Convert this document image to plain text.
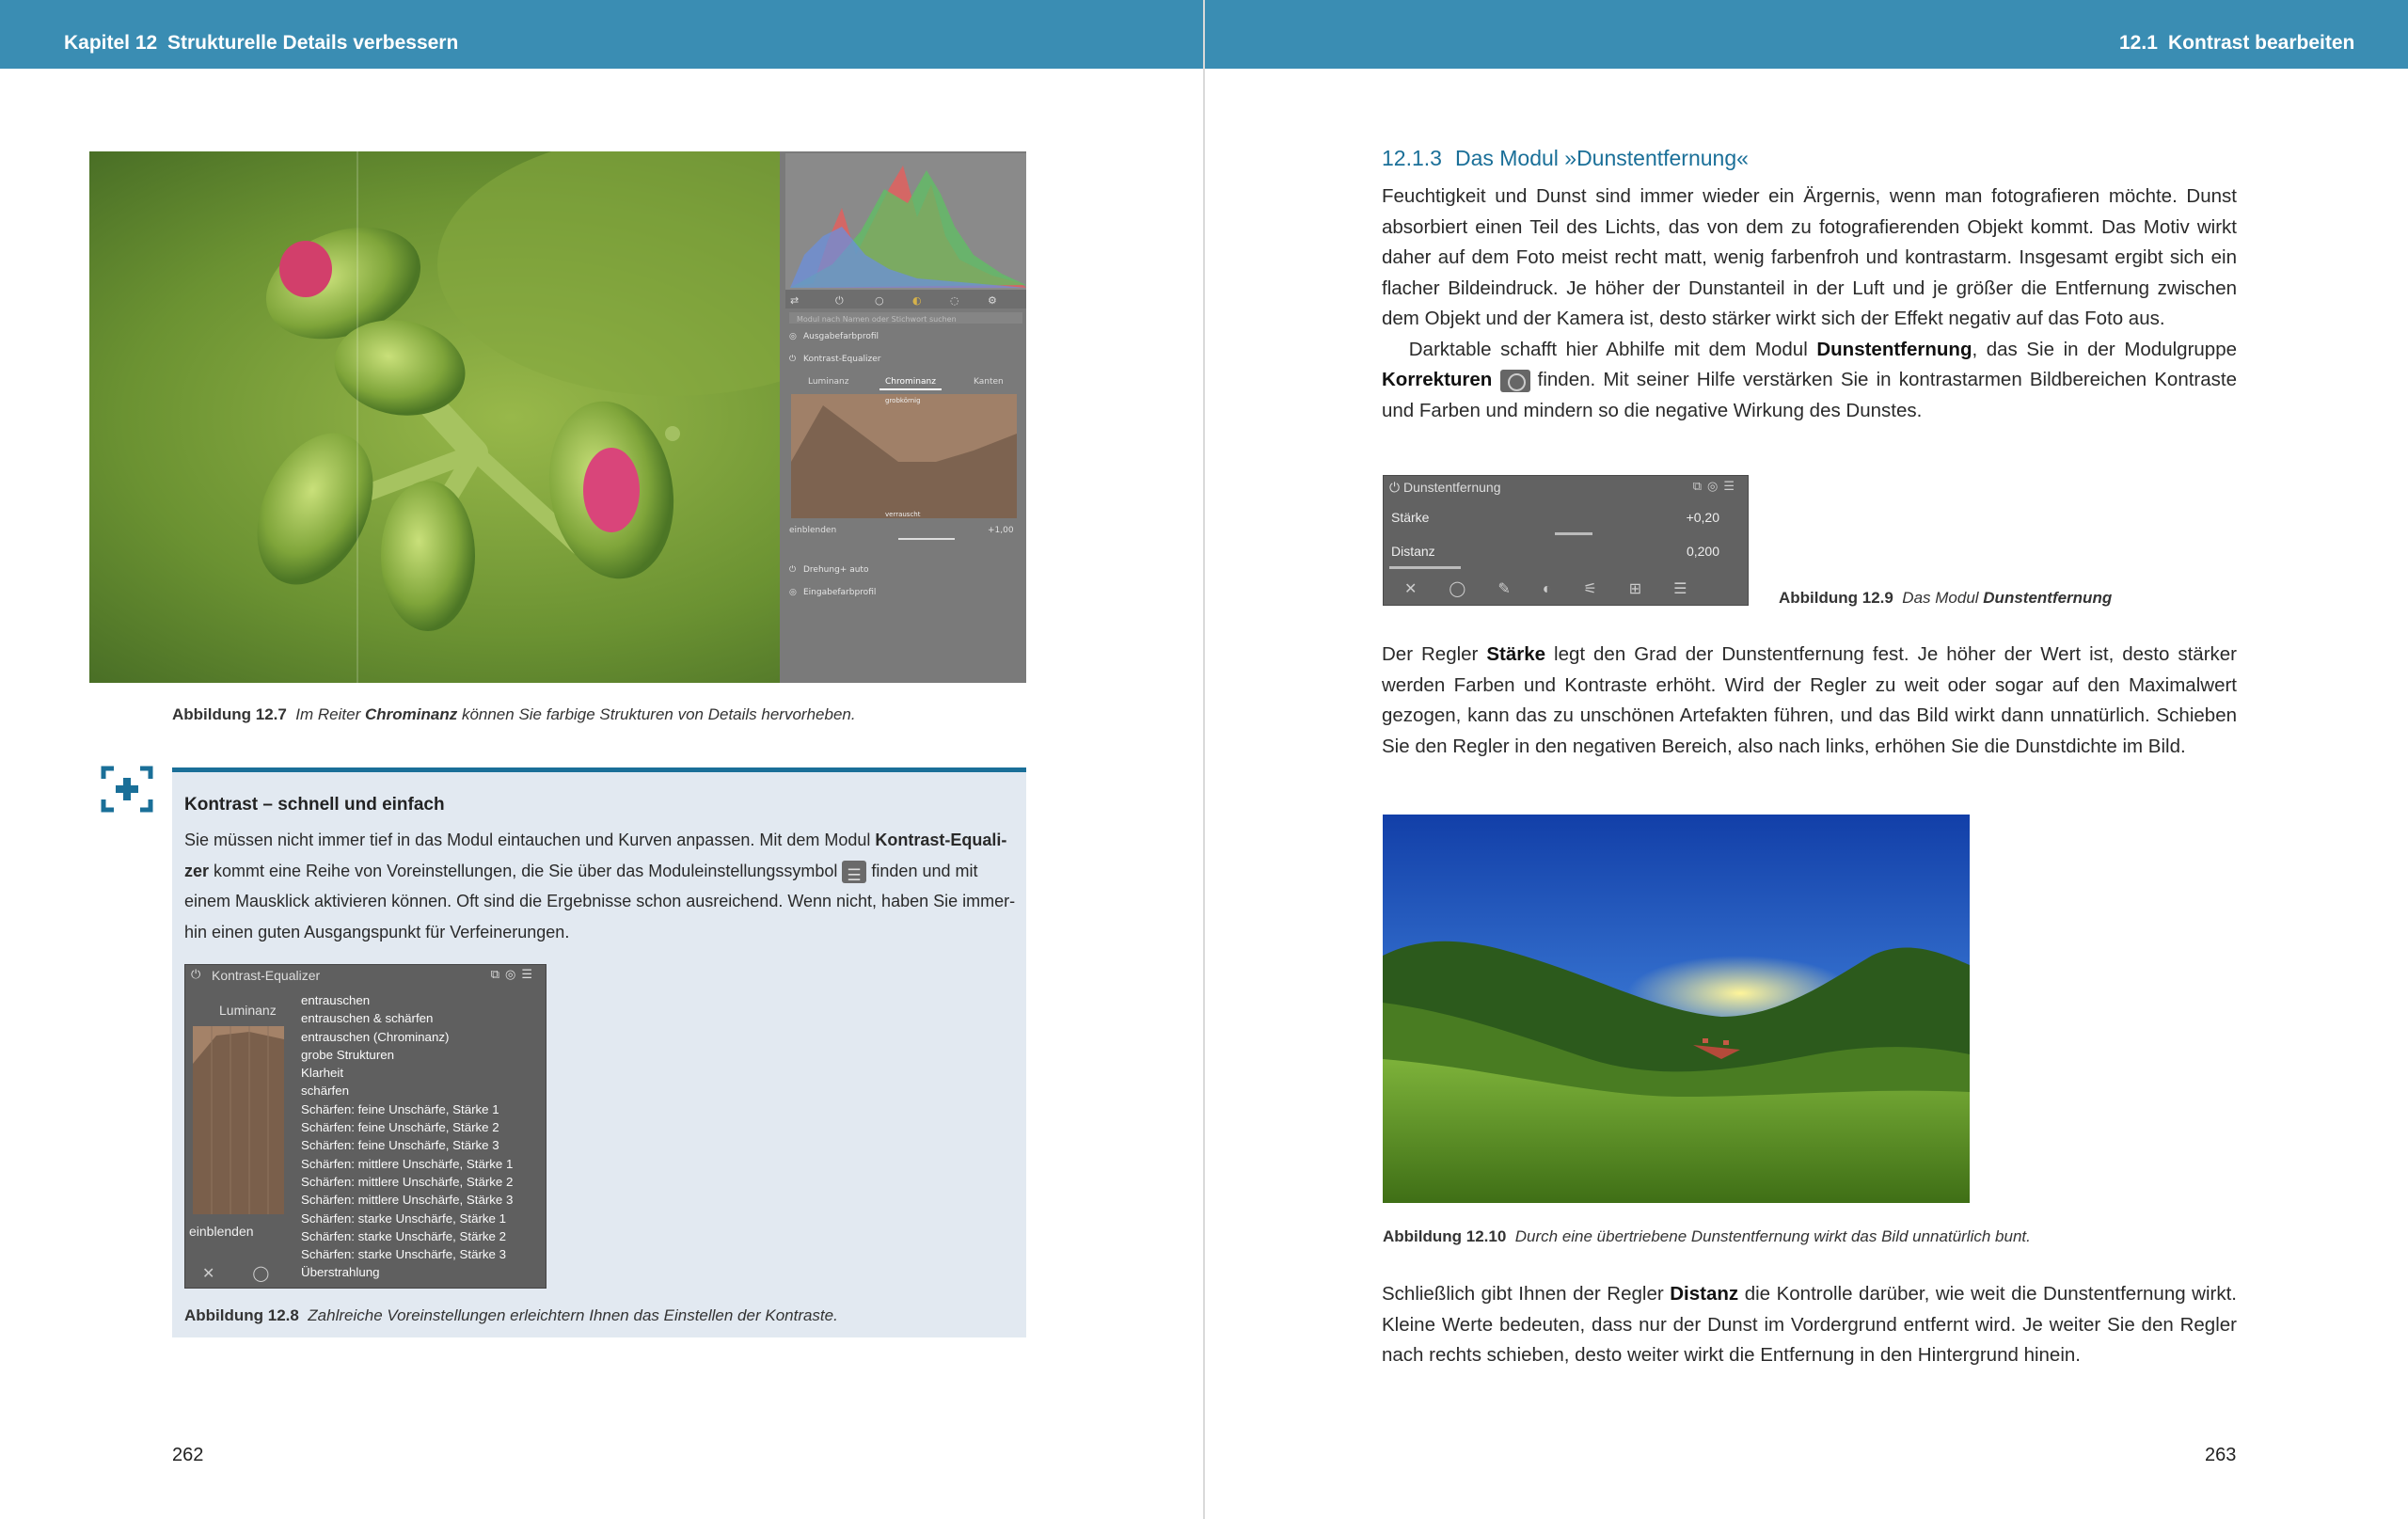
Kapitel 12 Strukturelle Details verbessern
⇄	⏻	○	◐	◌	⚙
Modul nach Namen oder Stichwort suchen
◎ Ausgabefarbprofil
⏻ Kontrast-Equalizer
Luminanz	Chrominanz	Kanten
grobkörnig
verrauscht
einblenden	+1,00
⏻ Drehung+ auto
◎ Eingabefarbprofil
Abbildung 12.7 Im Reiter Chrominanz können Sie farbige Strukturen von Details hervorheben.
Kontrast – schnell und einfach
Sie müssen nicht immer tief in das Modul eintauchen und Kurven anpassen. Mit dem Modul Kontrast-Equalizer kommt eine Reihe von Voreinstellungen, die Sie über das Moduleinstellungssymbol ☰ finden und mit einem Mausklick aktivieren können. Oft sind die Ergebnisse schon ausreichend. Wenn nicht, haben Sie immerhin einen guten Ausgangspunkt für Verfeinerungen.
⏻ Kontrast-Equalizer	⧉◎☰
Luminanz
einblenden
✕◯
entrauschen
entrauschen & schärfen
entrauschen (Chrominanz)
grobe Strukturen
Klarheit
schärfen
Schärfen: feine Unschärfe, Stärke 1
Schärfen: feine Unschärfe, Stärke 2
Schärfen: feine Unschärfe, Stärke 3
Schärfen: mittlere Unschärfe, Stärke 1
Schärfen: mittlere Unschärfe, Stärke 2
Schärfen: mittlere Unschärfe, Stärke 3
Schärfen: starke Unschärfe, Stärke 1
Schärfen: starke Unschärfe, Stärke 2
Schärfen: starke Unschärfe, Stärke 3
Überstrahlung
Abbildung 12.8 Zahlreiche Voreinstellungen erleichtern Ihnen das Einstellen der Kontraste.
262
12.1 Kontrast bearbeiten
12.1.3 Das Modul »Dunstentfernung«
Feuchtigkeit und Dunst sind immer wieder ein Ärgernis, wenn man fotografieren möchte. Dunst absorbiert einen Teil des Lichts, das von dem zu fotografierenden Objekt kommt. Das Motiv wirkt daher auf dem Foto meist recht matt, wenig farbenfroh und kontrastarm. Insgesamt ergibt sich ein flacher Bildeindruck. Je höher der Dunstanteil in der Luft und je größer die Entfernung zwischen dem Objekt und der Kamera ist, desto stärker wirkt sich der Effekt negativ auf das Foto aus.
Darktable schafft hier Abhilfe mit dem Modul Dunstentfernung, das Sie in der Modulgruppe Korrekturen  finden. Mit seiner Hilfe verstärken Sie in kontrastarmen Bildbereichen Kontraste und Farben und mindern so die negative Wirkung des Dunstes.
⏻ Dunstentfernung	⧉◎☰
Stärke	+0,20
Distanz	0,200
✕◯✎◐⚟⊞☰	Abbildung 12.9 Das Modul Dunstentfernung
Der Regler Stärke legt den Grad der Dunstentfernung fest. Je höher der Wert ist, desto stärker werden Farben und Kontraste erhöht. Wird der Regler zu weit oder sogar auf den Maximalwert gezogen, kann das zu unschönen Artefakten führen, und das Bild wirkt dann unnatürlich. Schieben Sie den Regler in den negativen Bereich, also nach links, erhöhen Sie die Dunstdichte im Bild.
Abbildung 12.10 Durch eine übertriebene Dunstentfernung wirkt das Bild unnatürlich bunt.
Schließlich gibt Ihnen der Regler Distanz die Kontrolle darüber, wie weit die Dunstentfernung wirkt. Kleine Werte bedeuten, dass nur der Dunst im Vordergrund entfernt wird. Je weiter Sie den Regler nach rechts schieben, desto weiter wirkt die Entfernung in den Hintergrund hinein.
263
